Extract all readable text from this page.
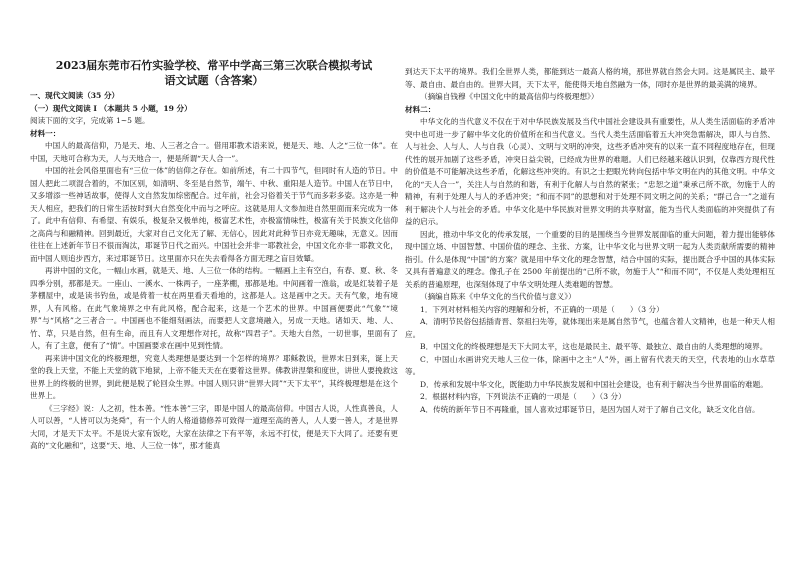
2023届东莞市石竹实验学校、常平中学高三第三次联合模拟考试

语文试题（含答案）

一、现代文阅读（35 分）

（一）现代文阅读 I （本题共 5 小题，19 分）

阅读下面的文字，完成第 1~5 题。

材料一：

中国人的最高信仰，乃是天、地、人三者之合一。借用耶教术语来说，便是天、地、人之“三位一体”。在中国，天地可合称为天，人与天地合一，便是所谓“天人合一”。

中国的社会风俗里面也有“三位一体”的信仰之存在。如前所述，有二十四节气，但同时有人造的节日。中国人把此二项混合着的，不加区别，如清明、冬至是自然节，端午、中秋、重阳是人造节。中国人在节日中，又多增添一些神话故事，使得人文自然发加综密配合。过年前，社会习俗着关于节气而多彩多姿。这亦是一种天人相应，把我们的日常生活按时到大自然变化中而与之呼应。这就是用人文参加进自然里面而来完成为一体了。此中有信仰、有希望、有娱乐，极复杂又极单纯，极富艺术性，亦极富情味性，极富有关于民族文化信仰之高尚与和融精神。回到最近，大家对自己文化无了解、无信心，因此对此种节日亦竞无趣味，无意义。因而往往在上述新年节日不很而淘汰，耶诞节日代之而兴。中国社会并非一耶教社会，中国文化亦非一耶教文化，而中国人则追步西方，来过耶诞节日。这里面亦只在失去看得各方面无理之盲目效颦。

再讲中国的文化，一幅山水画，就是天、地、人三位一体的结构。一幅画上主有空白，有春、夏、秋、冬四季分别，那都是天。一座山、一溪水、一株两子，一座茅棚，那都是地。中间画着一渔翁，或是红装着子是茅棚屋中，或是读书钓鱼，或是倚着一杖在两里看天看地的，这都是人。这是画中之天。天有气象，地有境界，人有风格。在此气象境界之中有此风格，配合起来，这是一个艺术的世界。中国画便要此“气象”“境界”与“风格”之三者合一。中国画也不能细刻画法，而要把人文意境融入，另成一天地。诸如天、地、人、竹、草，只是自然，但有生命，而且有人文理想作对托，故称“四君子”。天地大自然，一切世事，里面有了人，有了主意，便有了“情”。中国画要求在画中见到性情。

再来讲中国文化的终极理想，究竟人类理想是要达到一个怎样的境界？耶稣教说，世界末日到来，诞上天堂的我上天堂，不能上天堂的就下地狱，上帝不能天天在在要着这世界。佛教讲涅槃和度世，讲世人要挽救这世界上的终极的世界，到此便是脱了轮回众生界。中国人则只讲“世界大同”“天下太平”，其终极理想是在这个世界上。

《三字经》说：人之初，性本善。“性本善”三字，即是中国人的最高信仰。中国古人说，人性真善良，人人可以善，“人皆可以为尧舜”，有一个人的人格道德修养可致得一道理至高的善人，人人要一善人，才是世界大同，才是天下太平。不是说大家有饭吃，大家在法律之下有平等，永远不打仗，便是天下大同了。还要有更高的“文化融和”，这要“天、地、人三位一体”，那才能真

到达天下太平的境界。我们全世界人类，都能到达一最高人格的境，那世界就自然会大同。这是属民主、最平等、最自由、最自由的。世界大同，天下太平，能使得天地自然融为一体，同时亦是世界的最美满的境界。

（摘编自钱穆《中国文化中的最高信仰与终极理想》）

材料二：

中华文化的当代意义不仅在于对中华民族发展及当代中国社会建设具有重要性，从人类生活面临的矛盾冲突中也可进一步了解中华文化的价值所在和当代意义。当代人类生活面临着五大冲突急需解决，即人与自然、人与社会、人与人、人与自我（心灵）、文明与文明的冲突，这些矛盾冲突有的以来一直不同程度地存在，但现代性的展开加剧了这些矛盾，冲突日益尖锐，已经成为世界的难题。人们已经越来越认识到，仅靠西方现代性的价值是不可能解决这些矛盾，化解这些冲突的。有识之士把眼光转向包括中华文明在内的其他文明。中华文化的“天人合一”，关注人与自然的和谐，有利于化解人与自然的紧张；“忠恕之道”秉承己所不欲，勿施于人的精神，有利于处理人与人的矛盾冲突；“和而不同”的思想和对于处理不同文明之间的关系；“群己合一”之道有利于解决个人与社会的矛盾。中华文化是中华民族对世界文明的共享财富，能为当代人类面临的冲突提供了有益的启示。

因此，推动中华文化的传承发展，一个重要的目的是围绕当今世界发展面临的重大问题，着力提出能够体现中国立场、中国智慧、中国价值的理念、主张、方案，让中华文化与世界文明一起为人类贡献所需要的精神指引。什么是体现“中国”的方案？就是用中华文化的理念智慧，结合中国的实际，提出既合乎中国的具体实际又具有普遍意义的理念。像孔子在 2500 年前提出的“己所不欲，勿施于人”“和而不同”，不仅是人类处理相互关系的普遍原理，也深刻体现了中华文明处理人类难题的智慧。

（摘编自陈来《中华文化的当代价值与意义》）

1．下列对材料相关内容的理解和分析，不正确的一项是（　　）（3 分）

A．清明节民俗包括插青晋、祭祖扫先等，就体现出来是属自然节气，也蕴含着人文精神，也是一种天人相应。

B．中国文化的终极理想是天下大同太平，这也是最民主、最平等、最独立、最自由的人类理想的境界。

C．中国山水画讲究天地人三位一体，除画中之主“人”外，画上留有代表天的天空，代表地的山水草草等。

D．传承和发展中华文化，既能助力中华民族发展和中国社会建设，也有利于解决当今世界面临的难题。

2．根据材料内容，下列说法不正确的一项是（　　）（3 分）

A．传统的新年节日不再隆重，国人喜欢过耶诞节日，是因为国人对于了解自己文化，缺乏文化自信。
